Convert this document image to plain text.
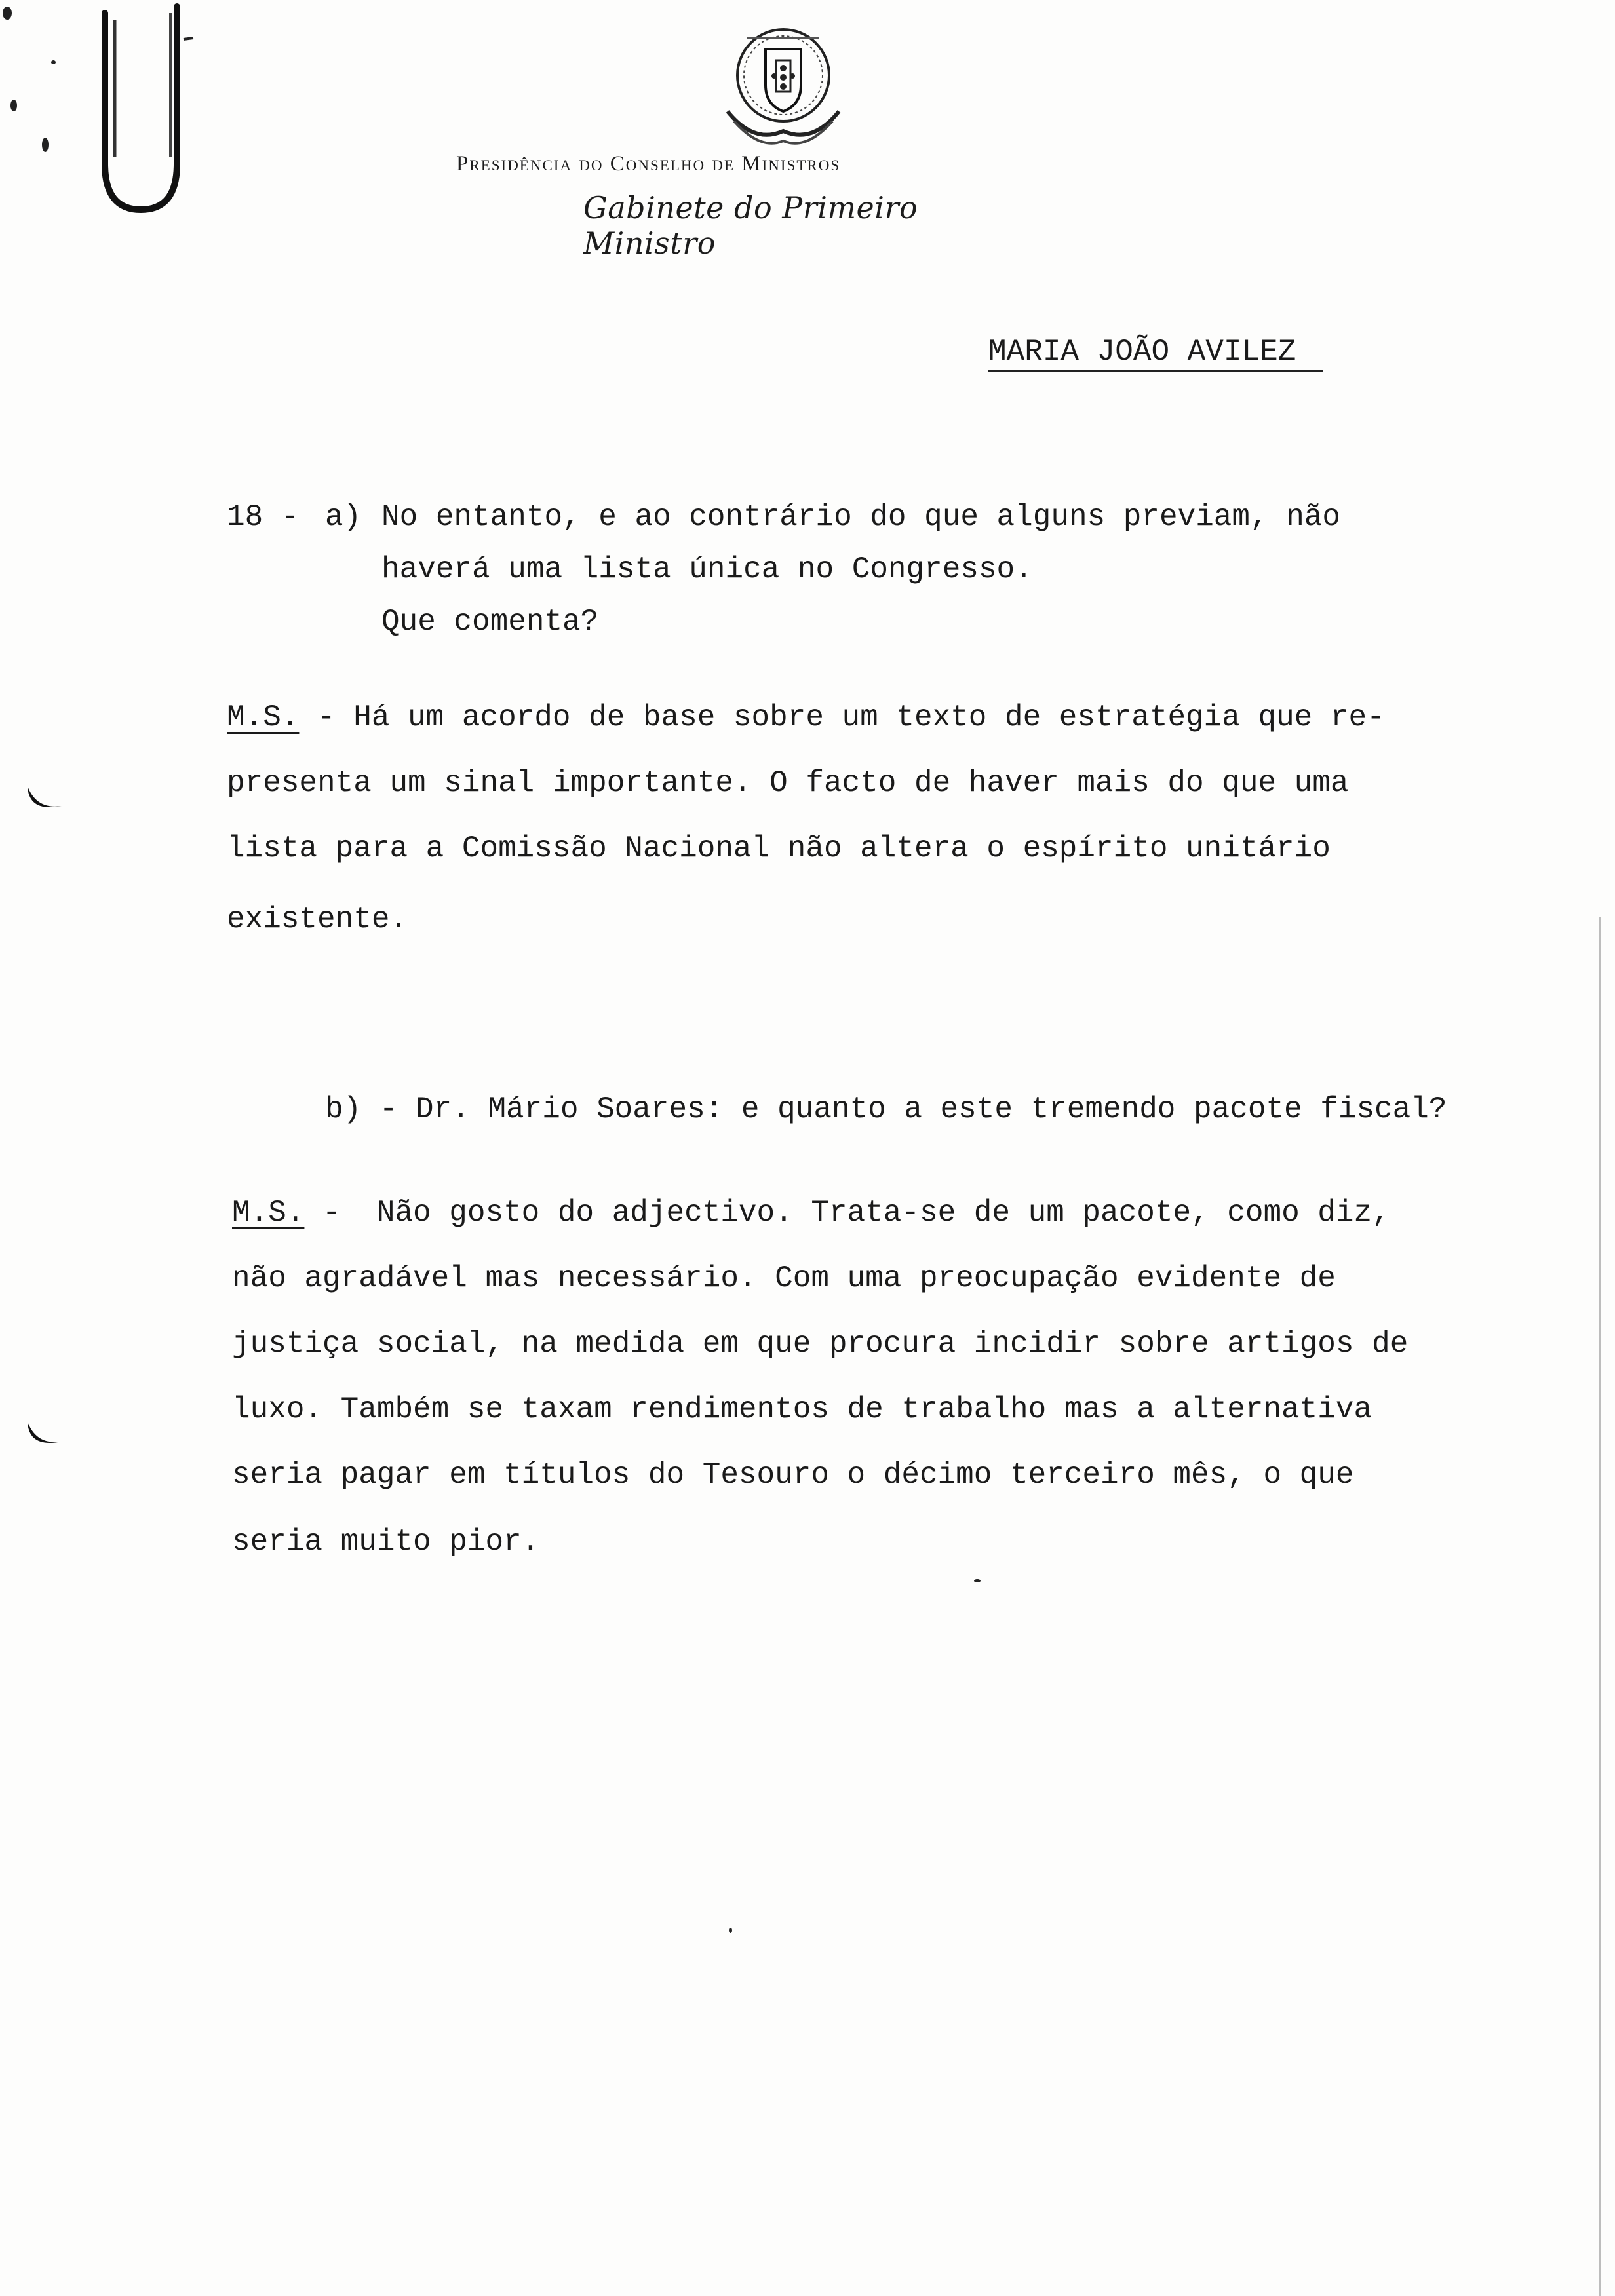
Presidência do Conselho de Ministros
Gabinete do Primeiro Ministro
MARIA JOÃO AVILEZ
18 - a) No entanto, e ao contrário do que alguns previam, não
haverá uma lista única no Congresso.
Que comenta?
M.S. - Há um acordo de base sobre um texto de estratégia que re-
presenta um sinal importante. O facto de haver mais do que uma
lista para a Comissão Nacional não altera o espírito unitário
existente.
b) - Dr. Mário Soares: e quanto a este tremendo pacote fiscal?
M.S. -  Não gosto do adjectivo. Trata-se de um pacote, como diz,
não agradável mas necessário. Com uma preocupação evidente de
justiça social, na medida em que procura incidir sobre artigos de
luxo. Também se taxam rendimentos de trabalho mas a alternativa
seria pagar em títulos do Tesouro o décimo terceiro mês, o que
seria muito pior.
